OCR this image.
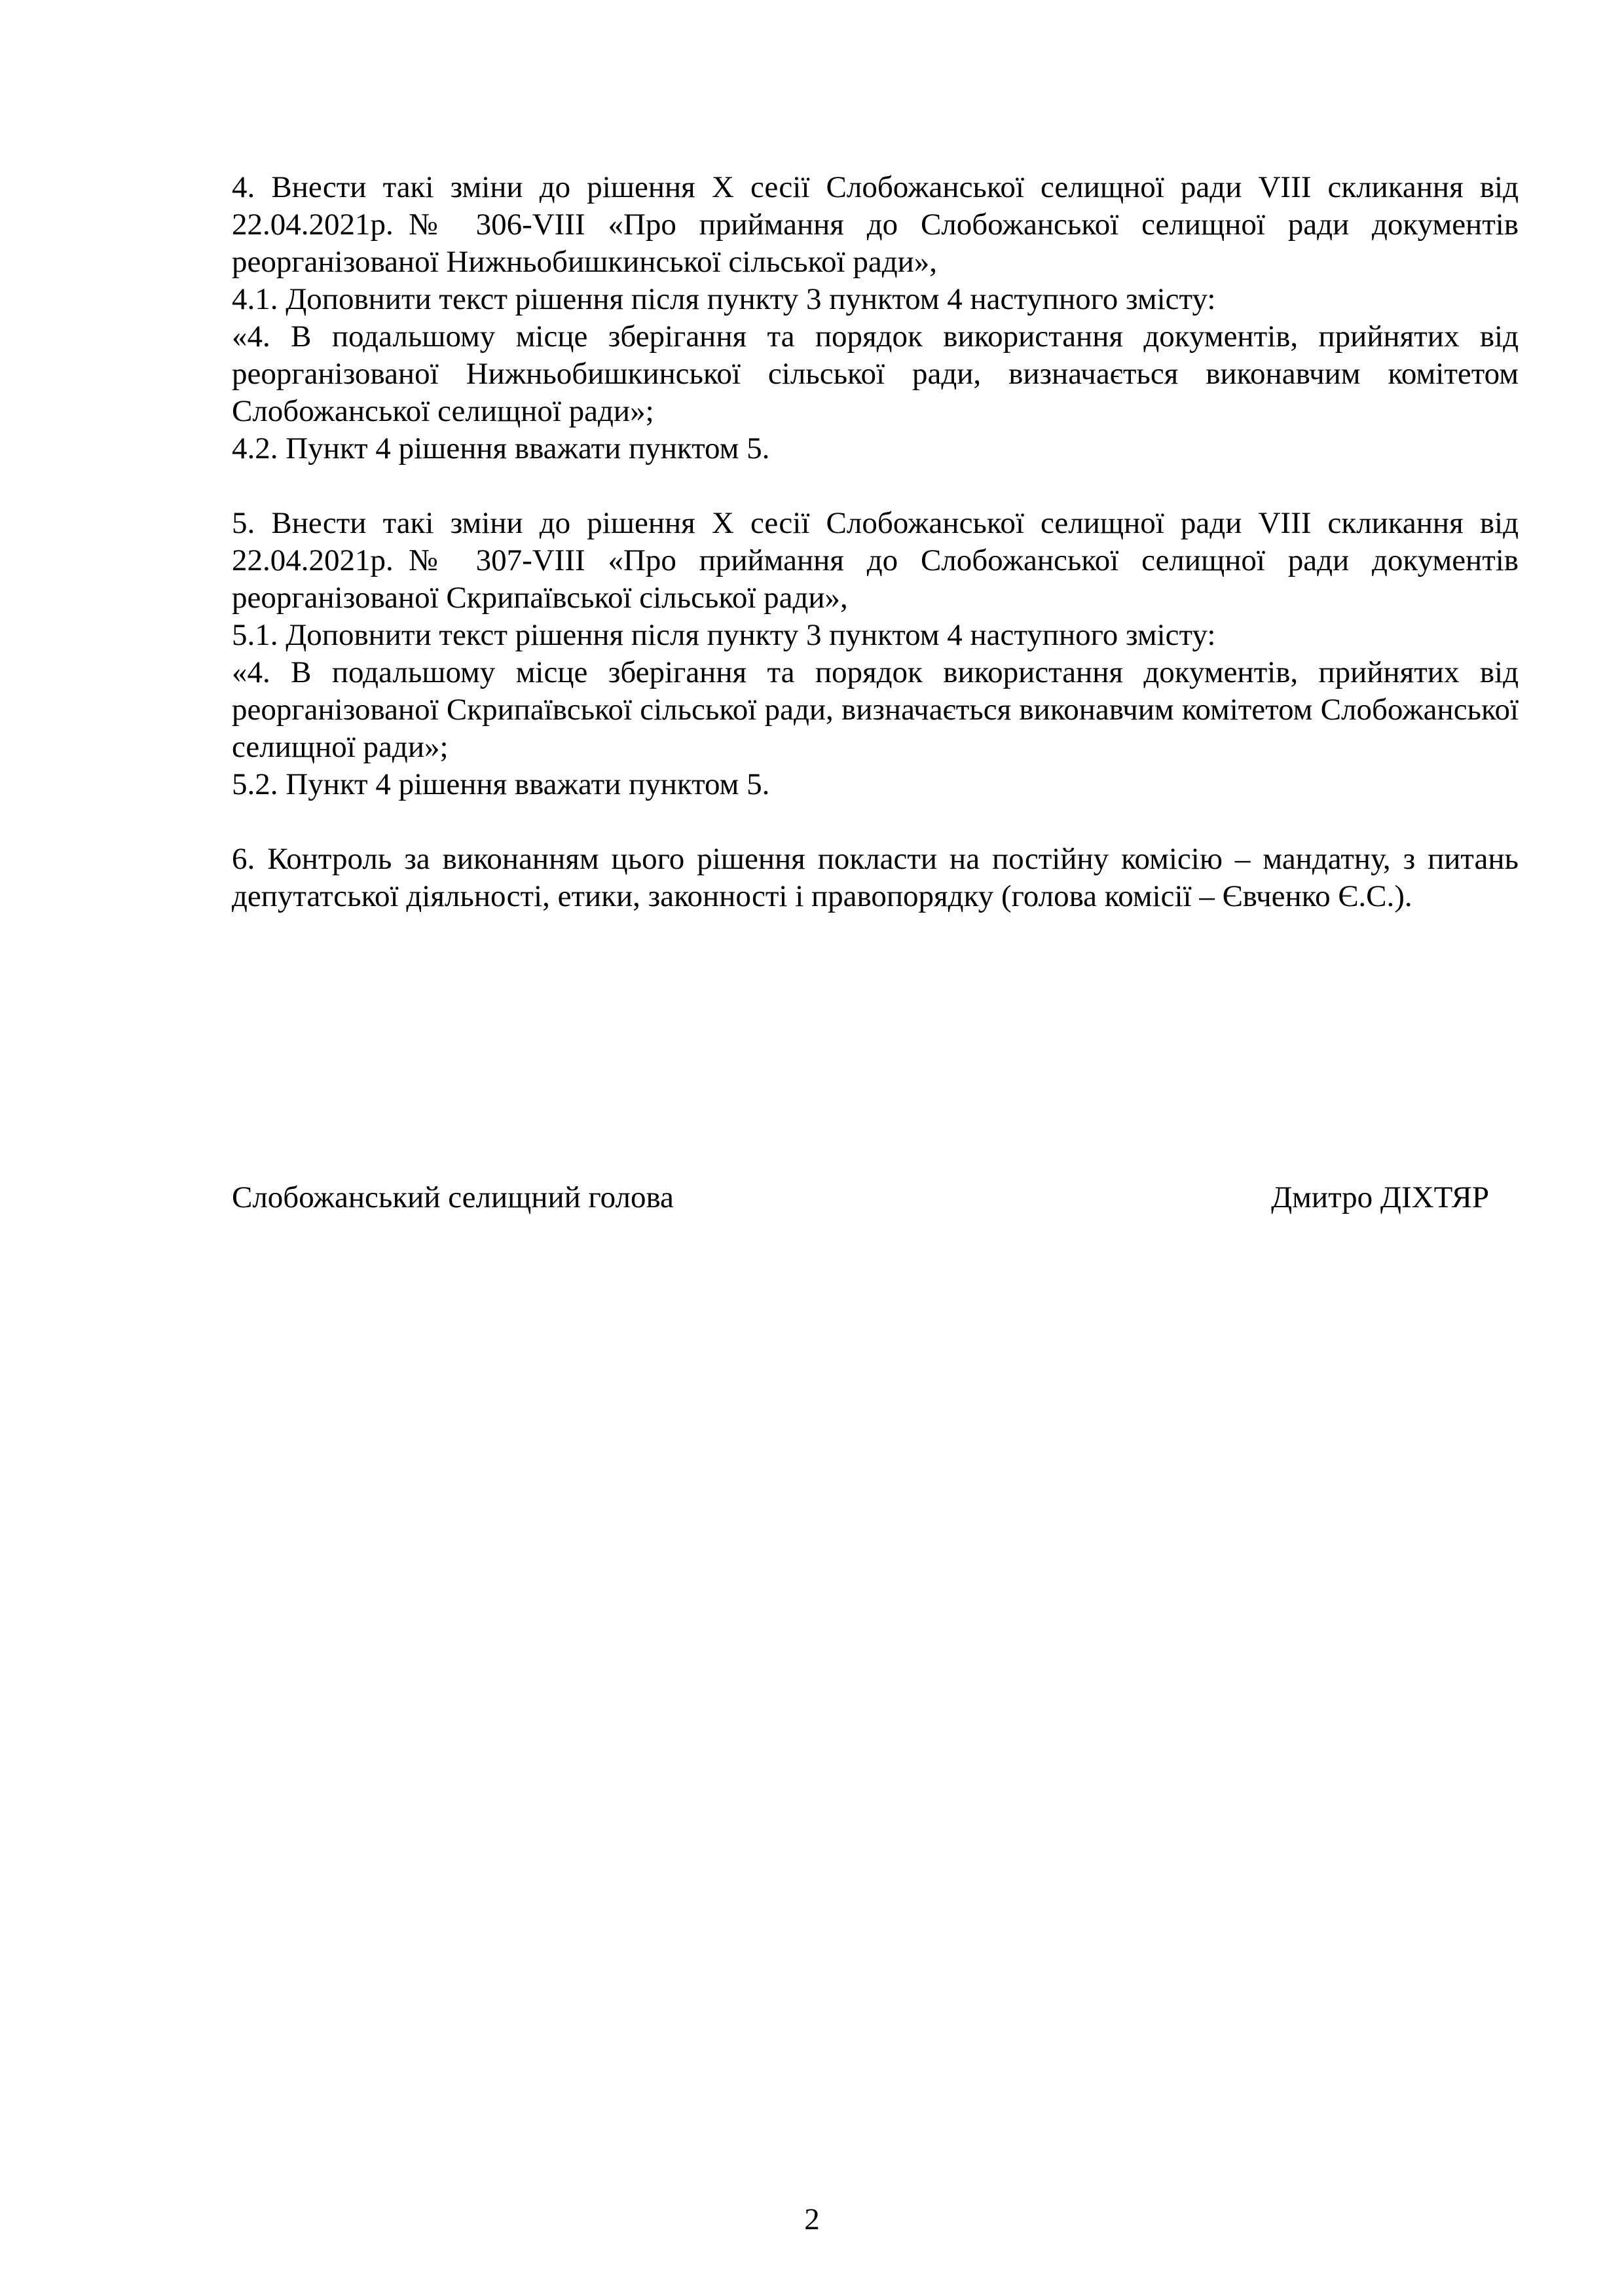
4. Внести такі зміни до рішення Х сесії Слобожанської селищної ради VIII скликання від 22.04.2021р.№ 306-VIII «Про приймання до Слобожанської селищної ради документів реорганізованої Нижньобишкинської сільської ради»,

4.1. Доповнити текст рішення після пункту 3 пунктом 4 наступного змісту:

«4. В подальшому місце зберігання та порядок використання документів, прийнятих від реорганізованої Нижньобишкинської сільської ради, визначається виконавчим комітетом Слобожанської селищної ради»;

4.2. Пункт 4 рішення вважати пунктом 5.

5. Внести такі зміни до рішення Х сесії Слобожанської селищної ради VIII скликання від 22.04.2021р.№ 307-VIII «Про приймання до Слобожанської селищної ради документів реорганізованої Скрипаївської сільської ради»,

5.1. Доповнити текст рішення після пункту 3 пунктом 4 наступного змісту:

«4. В подальшому місце зберігання та порядок використання документів, прийнятих від реорганізованої Скрипаївської сільської ради, визначається виконавчим комітетом Слобожанської селищної ради»;

5.2. Пункт 4 рішення вважати пунктом 5.

6. Контроль за виконанням цього рішення покласти на постійну комісію – мандатну, з питань депутатської діяльності, етики, законності і правопорядку (голова комісії – Євченко Є.С.).

Слобожанський селищний голова	Дмитро ДІХТЯР
2
